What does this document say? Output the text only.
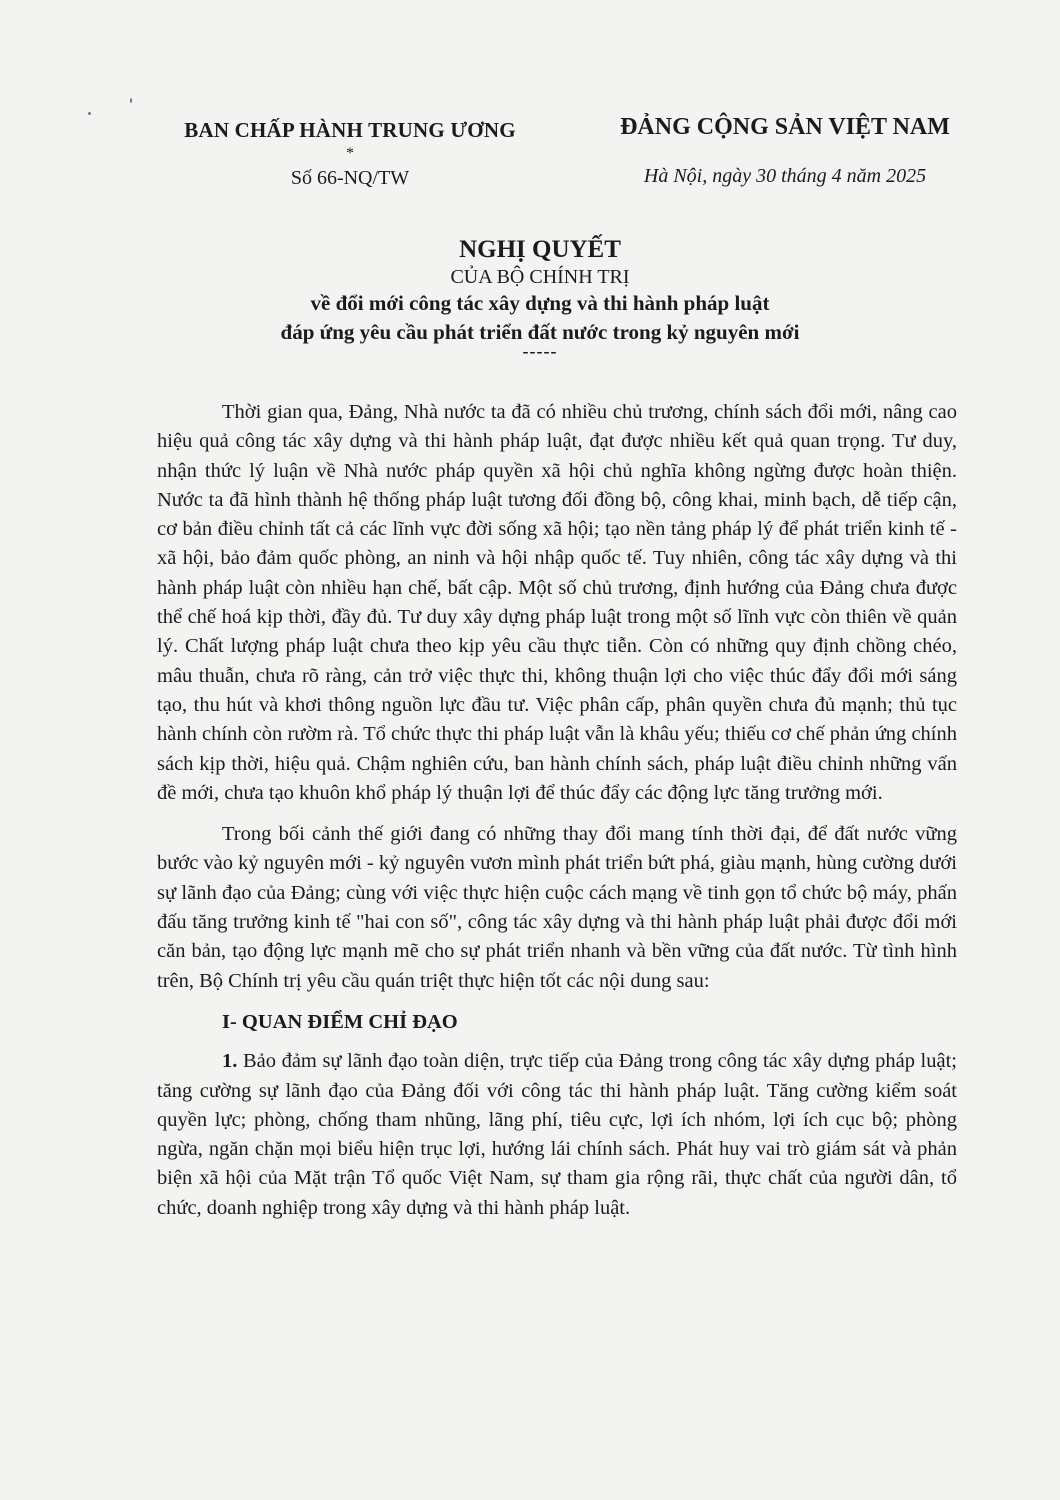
BAN CHẤP HÀNH TRUNG ƯƠNG
*
Số 66-NQ/TW
ĐẢNG CỘNG SẢN VIỆT NAM
Hà Nội, ngày 30 tháng 4 năm 2025
NGHỊ QUYẾT
CỦA BỘ CHÍNH TRỊ
về đổi mới công tác xây dựng và thi hành pháp luật
đáp ứng yêu cầu phát triển đất nước trong kỷ nguyên mới
-----

Thời gian qua, Đảng, Nhà nước ta đã có nhiều chủ trương, chính sách đổi mới, nâng cao hiệu quả công tác xây dựng và thi hành pháp luật, đạt được nhiều kết quả quan trọng. Tư duy, nhận thức lý luận về Nhà nước pháp quyền xã hội chủ nghĩa không ngừng được hoàn thiện. Nước ta đã hình thành hệ thống pháp luật tương đối đồng bộ, công khai, minh bạch, dễ tiếp cận, cơ bản điều chỉnh tất cả các lĩnh vực đời sống xã hội; tạo nền tảng pháp lý để phát triển kinh tế - xã hội, bảo đảm quốc phòng, an ninh và hội nhập quốc tế. Tuy nhiên, công tác xây dựng và thi hành pháp luật còn nhiều hạn chế, bất cập. Một số chủ trương, định hướng của Đảng chưa được thể chế hoá kịp thời, đầy đủ. Tư duy xây dựng pháp luật trong một số lĩnh vực còn thiên về quản lý. Chất lượng pháp luật chưa theo kịp yêu cầu thực tiễn. Còn có những quy định chồng chéo, mâu thuẫn, chưa rõ ràng, cản trở việc thực thi, không thuận lợi cho việc thúc đẩy đổi mới sáng tạo, thu hút và khơi thông nguồn lực đầu tư. Việc phân cấp, phân quyền chưa đủ mạnh; thủ tục hành chính còn rườm rà. Tổ chức thực thi pháp luật vẫn là khâu yếu; thiếu cơ chế phản ứng chính sách kịp thời, hiệu quả. Chậm nghiên cứu, ban hành chính sách, pháp luật điều chỉnh những vấn đề mới, chưa tạo khuôn khổ pháp lý thuận lợi để thúc đẩy các động lực tăng trưởng mới.

Trong bối cảnh thế giới đang có những thay đổi mang tính thời đại, để đất nước vững bước vào kỷ nguyên mới - kỷ nguyên vươn mình phát triển bứt phá, giàu mạnh, hùng cường dưới sự lãnh đạo của Đảng; cùng với việc thực hiện cuộc cách mạng về tinh gọn tổ chức bộ máy, phấn đấu tăng trưởng kinh tế "hai con số", công tác xây dựng và thi hành pháp luật phải được đổi mới căn bản, tạo động lực mạnh mẽ cho sự phát triển nhanh và bền vững của đất nước. Từ tình hình trên, Bộ Chính trị yêu cầu quán triệt thực hiện tốt các nội dung sau:

I- QUAN ĐIỂM CHỈ ĐẠO

1. Bảo đảm sự lãnh đạo toàn diện, trực tiếp của Đảng trong công tác xây dựng pháp luật; tăng cường sự lãnh đạo của Đảng đối với công tác thi hành pháp luật. Tăng cường kiểm soát quyền lực; phòng, chống tham nhũng, lãng phí, tiêu cực, lợi ích nhóm, lợi ích cục bộ; phòng ngừa, ngăn chặn mọi biểu hiện trục lợi, hướng lái chính sách. Phát huy vai trò giám sát và phản biện xã hội của Mặt trận Tổ quốc Việt Nam, sự tham gia rộng rãi, thực chất của người dân, tổ chức, doanh nghiệp trong xây dựng và thi hành pháp luật.
